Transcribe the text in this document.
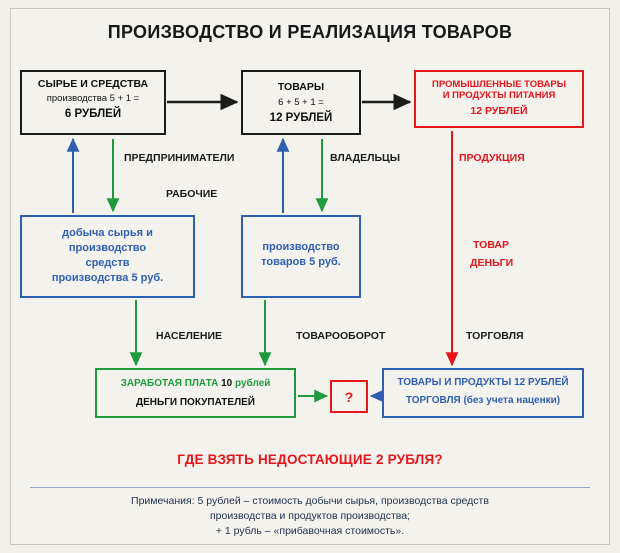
ПРОИЗВОДСТВО И РЕАЛИЗАЦИЯ ТОВАРОВ
СЫРЬЕ И СРЕДСТВА
производства 5 + 1 =
6 РУБЛЕЙ
ТОВАРЫ
6 + 5 + 1 =
12 РУБЛЕЙ
ПРОМЫШЛЕННЫЕ ТОВАРЫ
И ПРОДУКТЫ ПИТАНИЯ
12 РУБЛЕЙ
ПРЕДПРИНИМАТЕЛИ	ВЛАДЕЛЬЦЫ	ПРОДУКЦИЯ
РАБОЧИЕ
ТОВАР
ДЕНЬГИ
добыча сырья и
производство
средств
производства 5 руб.
производство
товаров 5 руб.
НАСЕЛЕНИЕ	ТОВАРООБОРОТ	ТОРГОВЛЯ
ЗАРАБОТАЯ ПЛАТА 10 рублей
ДЕНЬГИ ПОКУПАТЕЛЕЙ	?
ТОВАРЫ И ПРОДУКТЫ 12 РУБЛЕЙ
ТОРГОВЛЯ (без учета наценки)
ГДЕ ВЗЯТЬ НЕДОСТАЮЩИЕ 2 РУБЛЯ?
Примечания: 5 рублей – стоимость добычи сырья, производства средств
производства и продуктов производства;
+ 1 рубль – «прибавочная стоимость».
